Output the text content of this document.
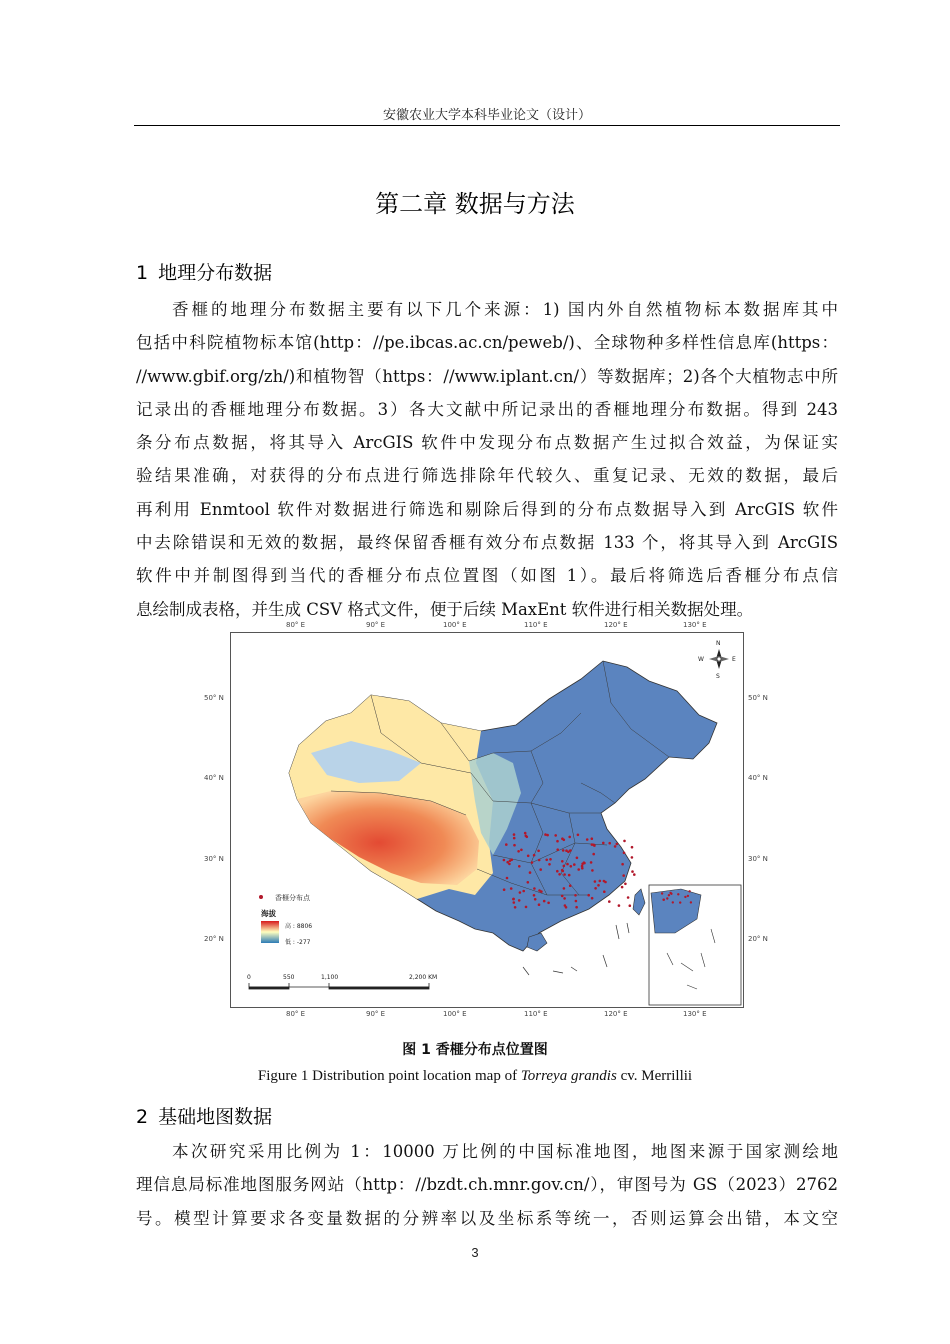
安徽农业大学本科毕业论文（设计）
第二章 数据与方法
1 地理分布数据
香榧的地理分布数据主要有以下几个来源：1) 国内外自然植物标本数据库其中
包括中科院植物标本馆(http：//pe.ibcas.ac.cn/peweb/)、全球物种多样性信息库(https：
//www.gbif.org/zh/)和植物智（https：//www.iplant.cn/）等数据库；2)各个大植物志中所
记录出的香榧地理分布数据。3）各大文献中所记录出的香榧地理分布数据。得到 243
条分布点数据，将其导入 ArcGIS 软件中发现分布点数据产生过拟合效益，为保证实
验结果准确，对获得的分布点进行筛选排除年代较久、重复记录、无效的数据，最后
再利用 Enmtool 软件对数据进行筛选和剔除后得到的分布点数据导入到 ArcGIS 软件
中去除错误和无效的数据，最终保留香榧有效分布点数据 133 个，将其导入到 ArcGIS
软件中并制图得到当代的香榧分布点位置图（如图 1）。最后将筛选后香榧分布点信
息绘制成表格，并生成 CSV 格式文件，便于后续 MaxEnt 软件进行相关数据处理。
N
S
W	E
香榧分布点
海拔
高 : 8806
低 : -277
0	550	1,100	2,200 KM
80° E	90° E	100° E	110° E	120° E	130° E
80° E	90° E	100° E	110° E	120° E	130° E
50° N
40° N
30° N
20° N
50° N
40° N
30° N
20° N
图 1 香榧分布点位置图
Figure 1 Distribution point location map of Torreya grandis cv. Merrillii
2 基础地图数据
本次研究采用比例为 1：10000 万比例的中国标准地图，地图来源于国家测绘地
理信息局标准地图服务网站（http：//bzdt.ch.mnr.gov.cn/），审图号为 GS（2023）2762
号。模型计算要求各变量数据的分辨率以及坐标系等统一，否则运算会出错，本文空
3
